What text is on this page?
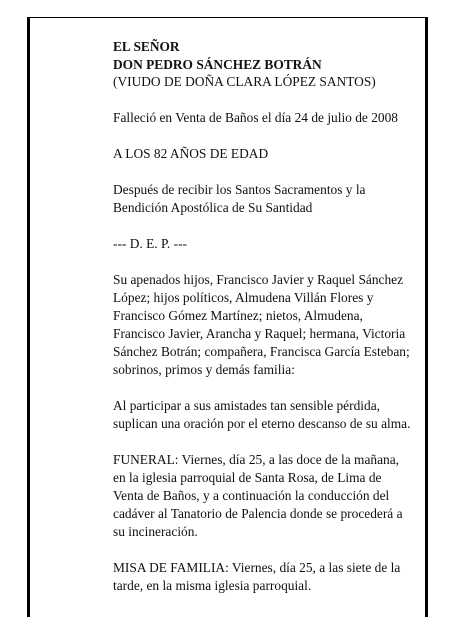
EL SEÑOR

DON PEDRO SÁNCHEZ BOTRÁN

(VIUDO DE DOÑA CLARA LÓPEZ SANTOS)

Falleció en Venta de Baños el día 24 de julio de 2008

A LOS 82 AÑOS DE EDAD

Después de recibir los Santos Sacramentos y la

Bendición Apostólica de Su Santidad

--- D. E. P. ---

Su apenados hijos, Francisco Javier y Raquel Sánchez

López; hijos políticos, Almudena Villán Flores y

Francisco Gómez Martínez; nietos, Almudena,

Francisco Javier, Arancha y Raquel; hermana, Victoria

Sánchez Botrán; compañera, Francisca García Esteban;

sobrinos, primos y demás familia:

Al participar a sus amistades tan sensible pérdida,

suplican una oración por el eterno descanso de su alma.

FUNERAL: Viernes, día 25, a las doce de la mañana,

en la iglesia parroquial de Santa Rosa, de Lima de

Venta de Baños, y a continuación la conducción del

cadáver al Tanatorio de Palencia donde se procederá a

su incineración.

MISA DE FAMILIA: Viernes, día 25, a las siete de la

tarde, en la misma iglesia parroquial.
